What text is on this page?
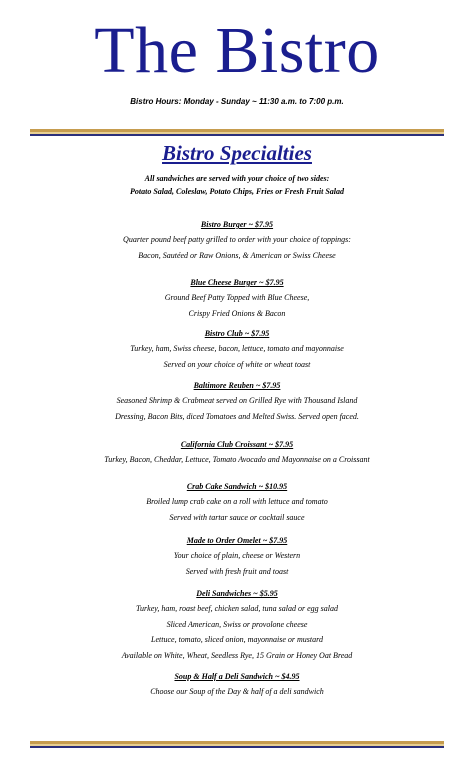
The Bistro
Bistro Hours: Monday - Sunday ~ 11:30 a.m. to 7:00 p.m.
Bistro Specialties
All sandwiches are served with your choice of two sides:
Potato Salad, Coleslaw, Potato Chips, Fries or Fresh Fruit Salad
Bistro Burger ~ $7.95
Quarter pound beef patty grilled to order with your choice of toppings:
Bacon, Sautéed or Raw Onions, & American or Swiss Cheese
Blue Cheese Burger ~ $7.95
Ground Beef Patty Topped with Blue Cheese,
Crispy Fried Onions & Bacon
Bistro Club ~ $7.95
Turkey, ham, Swiss cheese, bacon, lettuce, tomato and mayonnaise
Served on your choice of white or wheat toast
Baltimore Reuben ~ $7.95
Seasoned Shrimp & Crabmeat served on Grilled Rye with Thousand Island
Dressing, Bacon Bits, diced Tomatoes and Melted Swiss. Served open faced.
California Club Croissant ~ $7.95
Turkey, Bacon, Cheddar, Lettuce, Tomato Avocado and Mayonnaise on a Croissant
Crab Cake Sandwich ~ $10.95
Broiled lump crab cake on a roll with lettuce and tomato
Served with tartar sauce or cocktail sauce
Made to Order Omelet ~ $7.95
Your choice of plain, cheese or Western
Served with fresh fruit and toast
Deli Sandwiches ~ $5.95
Turkey, ham, roast beef, chicken salad, tuna salad or egg salad
Sliced American, Swiss or provolone cheese
Lettuce, tomato, sliced onion, mayonnaise or mustard
Available on White, Wheat, Seedless Rye, 15 Grain or Honey Oat Bread
Soup & Half a Deli Sandwich ~ $4.95
Choose our Soup of the Day & half of a deli sandwich
